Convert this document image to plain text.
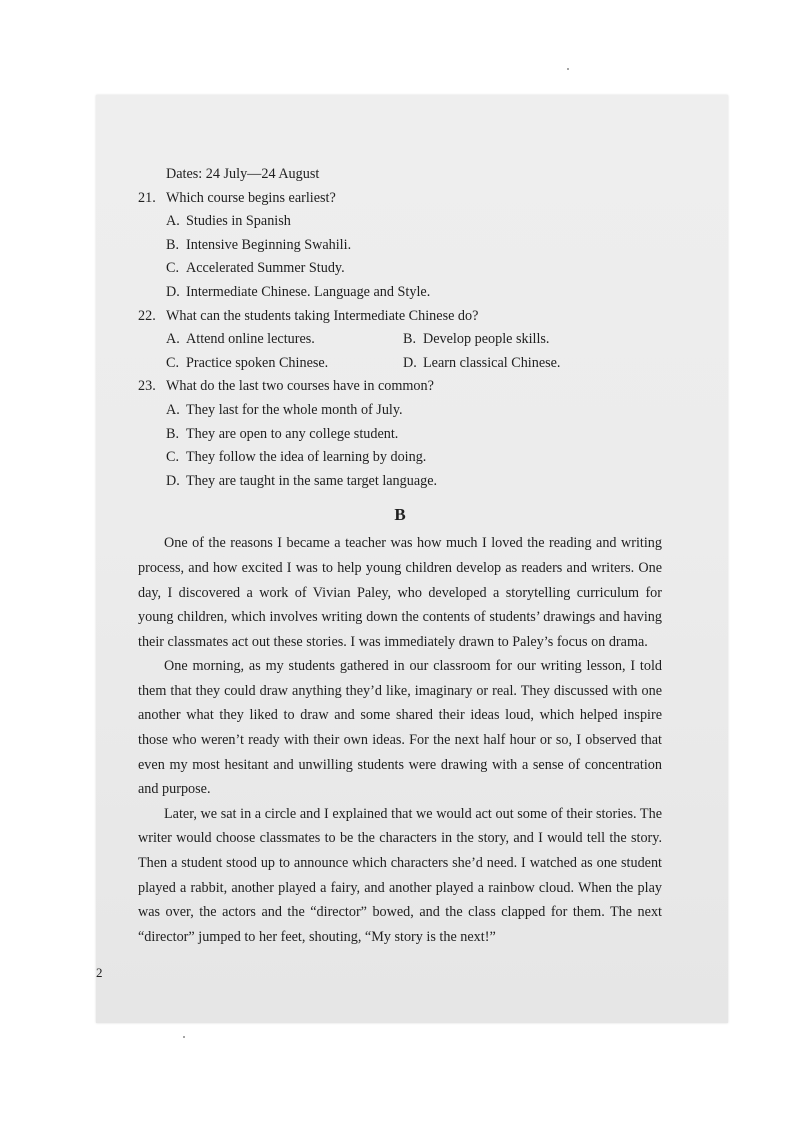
Dates: 24 July—24 August
21. Which course begins earliest?
A. Studies in Spanish
B. Intensive Beginning Swahili.
C. Accelerated Summer Study.
D. Intermediate Chinese. Language and Style.
22. What can the students taking Intermediate Chinese do?
A. Attend online lectures.	B. Develop people skills.
C. Practice spoken Chinese.	D. Learn classical Chinese.
23. What do the last two courses have in common?
A. They last for the whole month of July.
B. They are open to any college student.
C. They follow the idea of learning by doing.
D. They are taught in the same target language.
B

One of the reasons I became a teacher was how much I loved the reading and writing process, and how excited I was to help young children develop as readers and writers. One day, I discovered a work of Vivian Paley, who developed a storytelling curriculum for young children, which involves writing down the contents of students’ drawings and having their classmates act out these stories. I was immediately drawn to Paley’s focus on drama.

One morning, as my students gathered in our classroom for our writing lesson, I told them that they could draw anything they’d like, imaginary or real. They discussed with one another what they liked to draw and some shared their ideas loud, which helped inspire those who weren’t ready with their own ideas. For the next half hour or so, I observed that even my most hesitant and unwilling students were drawing with a sense of concentration and purpose.

Later, we sat in a circle and I explained that we would act out some of their stories. The writer would choose classmates to be the characters in the story, and I would tell the story. Then a student stood up to announce which characters she’d need. I watched as one student played a rabbit, another played a fairy, and another played a rainbow cloud. When the play was over, the actors and the “director” bowed, and the class clapped for them. The next “director” jumped to her feet, shouting, “My story is the next!”

2
